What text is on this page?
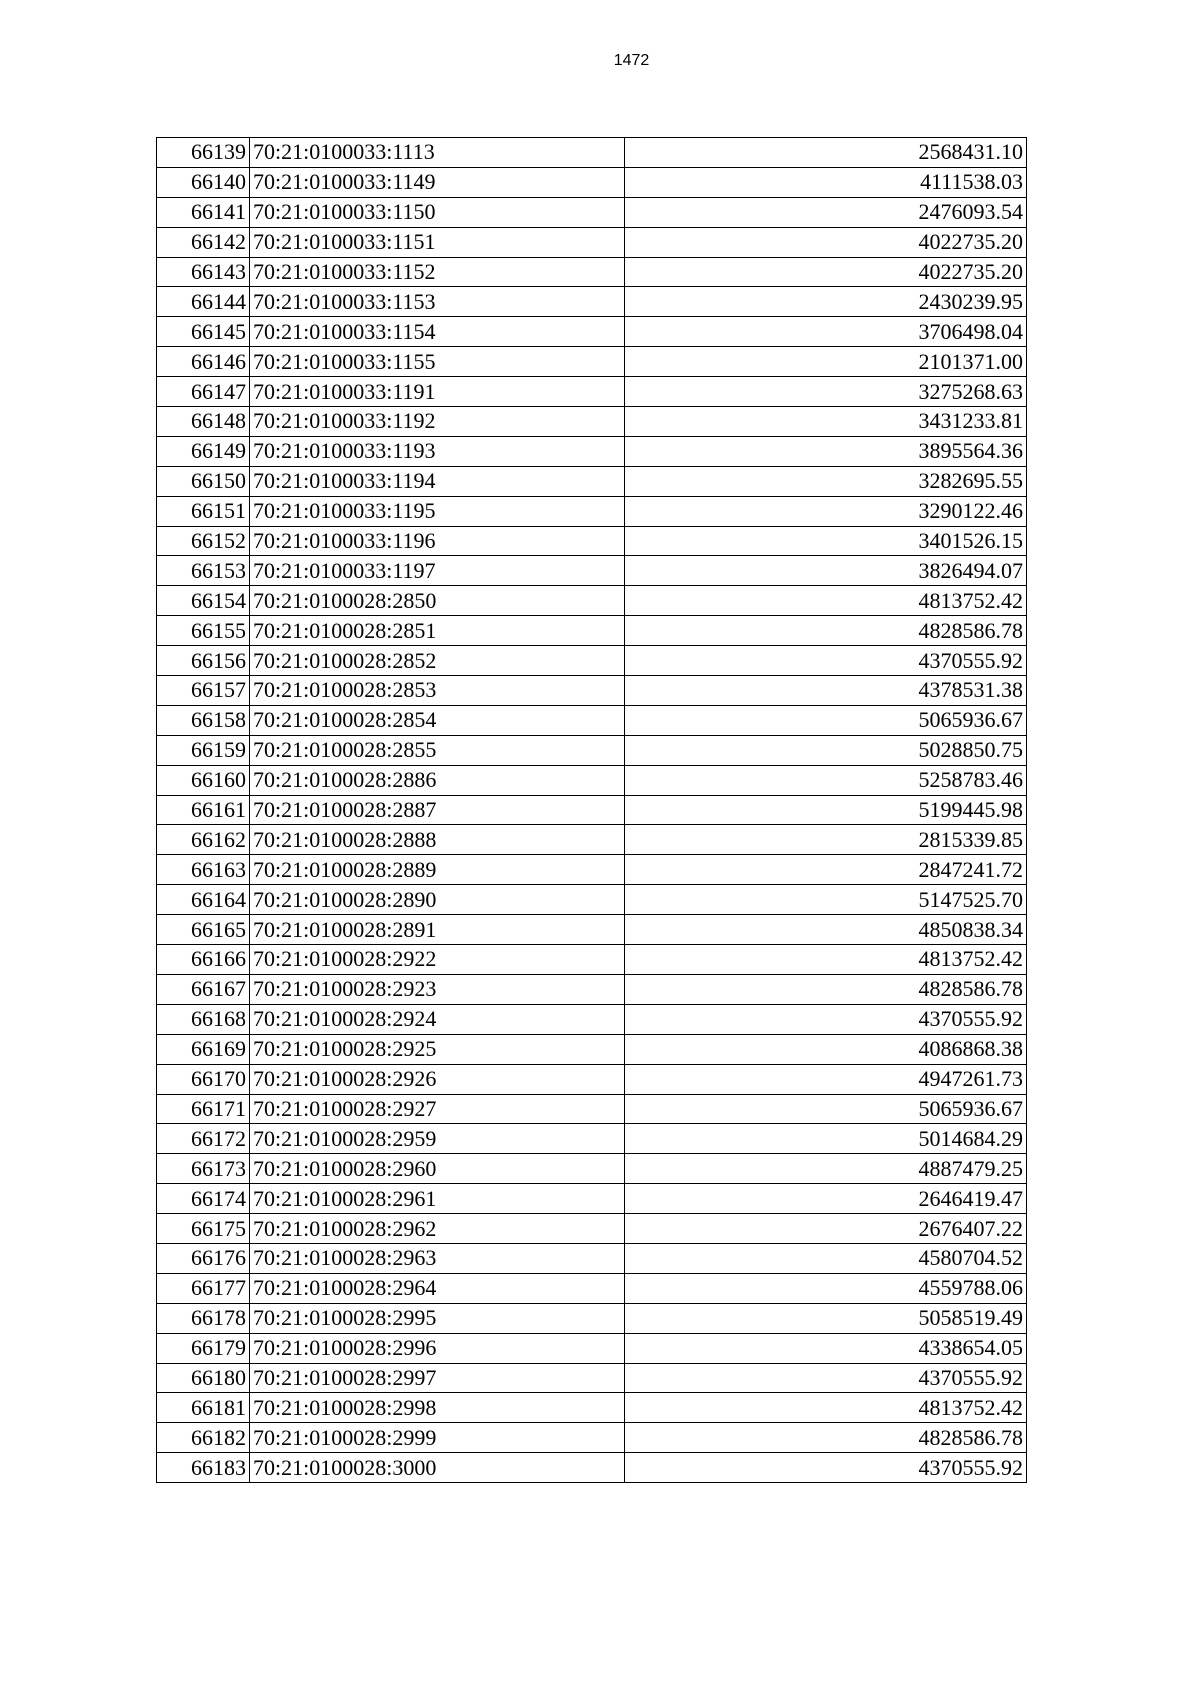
1472
66139	70:21:0100033:1113	2568431.10
66140	70:21:0100033:1149	4111538.03
66141	70:21:0100033:1150	2476093.54
66142	70:21:0100033:1151	4022735.20
66143	70:21:0100033:1152	4022735.20
66144	70:21:0100033:1153	2430239.95
66145	70:21:0100033:1154	3706498.04
66146	70:21:0100033:1155	2101371.00
66147	70:21:0100033:1191	3275268.63
66148	70:21:0100033:1192	3431233.81
66149	70:21:0100033:1193	3895564.36
66150	70:21:0100033:1194	3282695.55
66151	70:21:0100033:1195	3290122.46
66152	70:21:0100033:1196	3401526.15
66153	70:21:0100033:1197	3826494.07
66154	70:21:0100028:2850	4813752.42
66155	70:21:0100028:2851	4828586.78
66156	70:21:0100028:2852	4370555.92
66157	70:21:0100028:2853	4378531.38
66158	70:21:0100028:2854	5065936.67
66159	70:21:0100028:2855	5028850.75
66160	70:21:0100028:2886	5258783.46
66161	70:21:0100028:2887	5199445.98
66162	70:21:0100028:2888	2815339.85
66163	70:21:0100028:2889	2847241.72
66164	70:21:0100028:2890	5147525.70
66165	70:21:0100028:2891	4850838.34
66166	70:21:0100028:2922	4813752.42
66167	70:21:0100028:2923	4828586.78
66168	70:21:0100028:2924	4370555.92
66169	70:21:0100028:2925	4086868.38
66170	70:21:0100028:2926	4947261.73
66171	70:21:0100028:2927	5065936.67
66172	70:21:0100028:2959	5014684.29
66173	70:21:0100028:2960	4887479.25
66174	70:21:0100028:2961	2646419.47
66175	70:21:0100028:2962	2676407.22
66176	70:21:0100028:2963	4580704.52
66177	70:21:0100028:2964	4559788.06
66178	70:21:0100028:2995	5058519.49
66179	70:21:0100028:2996	4338654.05
66180	70:21:0100028:2997	4370555.92
66181	70:21:0100028:2998	4813752.42
66182	70:21:0100028:2999	4828586.78
66183	70:21:0100028:3000	4370555.92
